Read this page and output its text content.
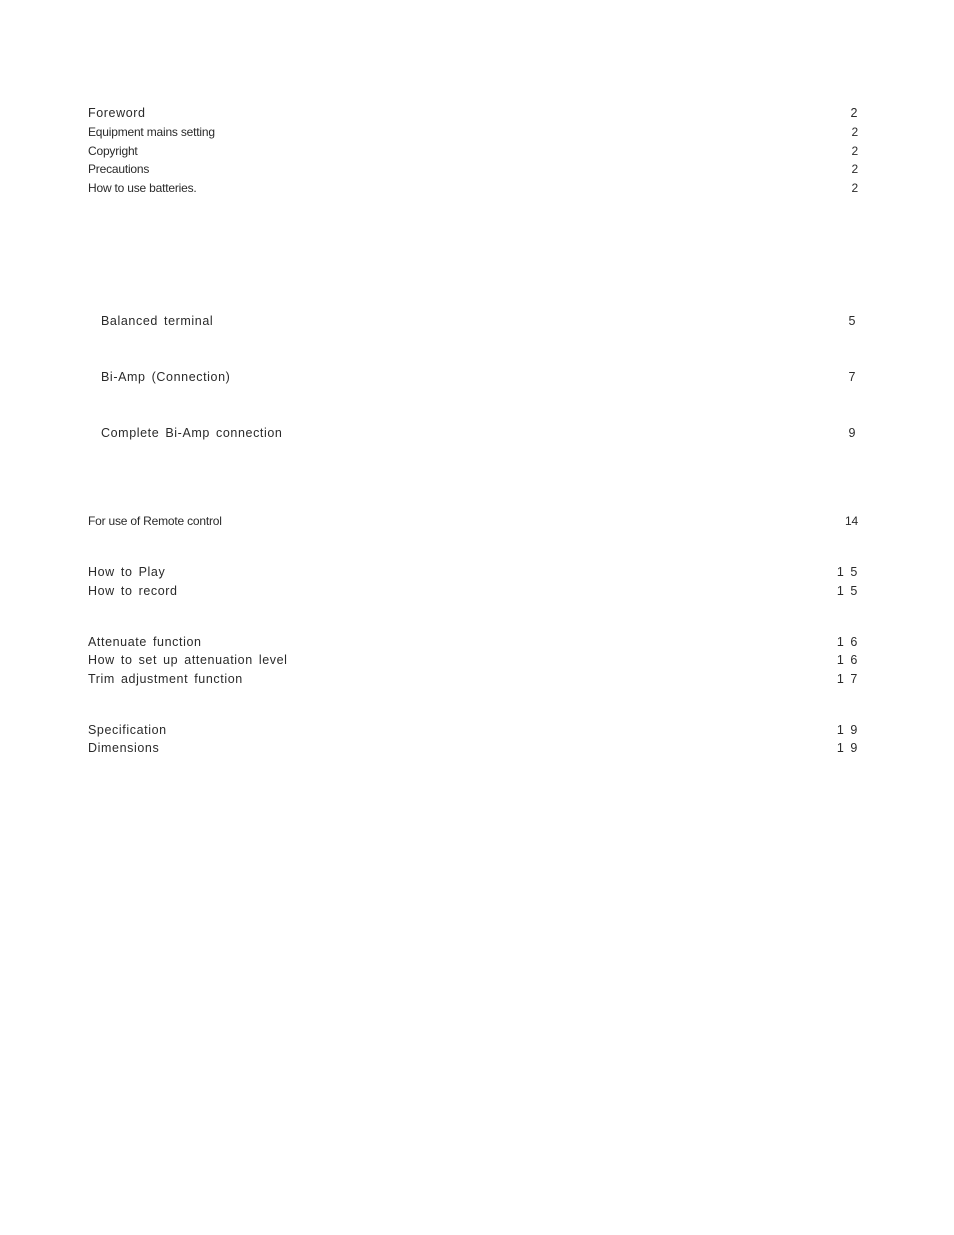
Foreword	2
Equipment mains setting	2
Copyright	2
Precautions	2
How to use batteries.	2
Balanced terminal	5
Bi-Amp (Connection)	7
Complete Bi-Amp connection	9
For use of Remote control	14
How to Play	1 5
How to record	1 5
Attenuate function	1 6
How to set up attenuation level	1 6
Trim adjustment function	1 7
Specification	1 9
Dimensions	1 9
